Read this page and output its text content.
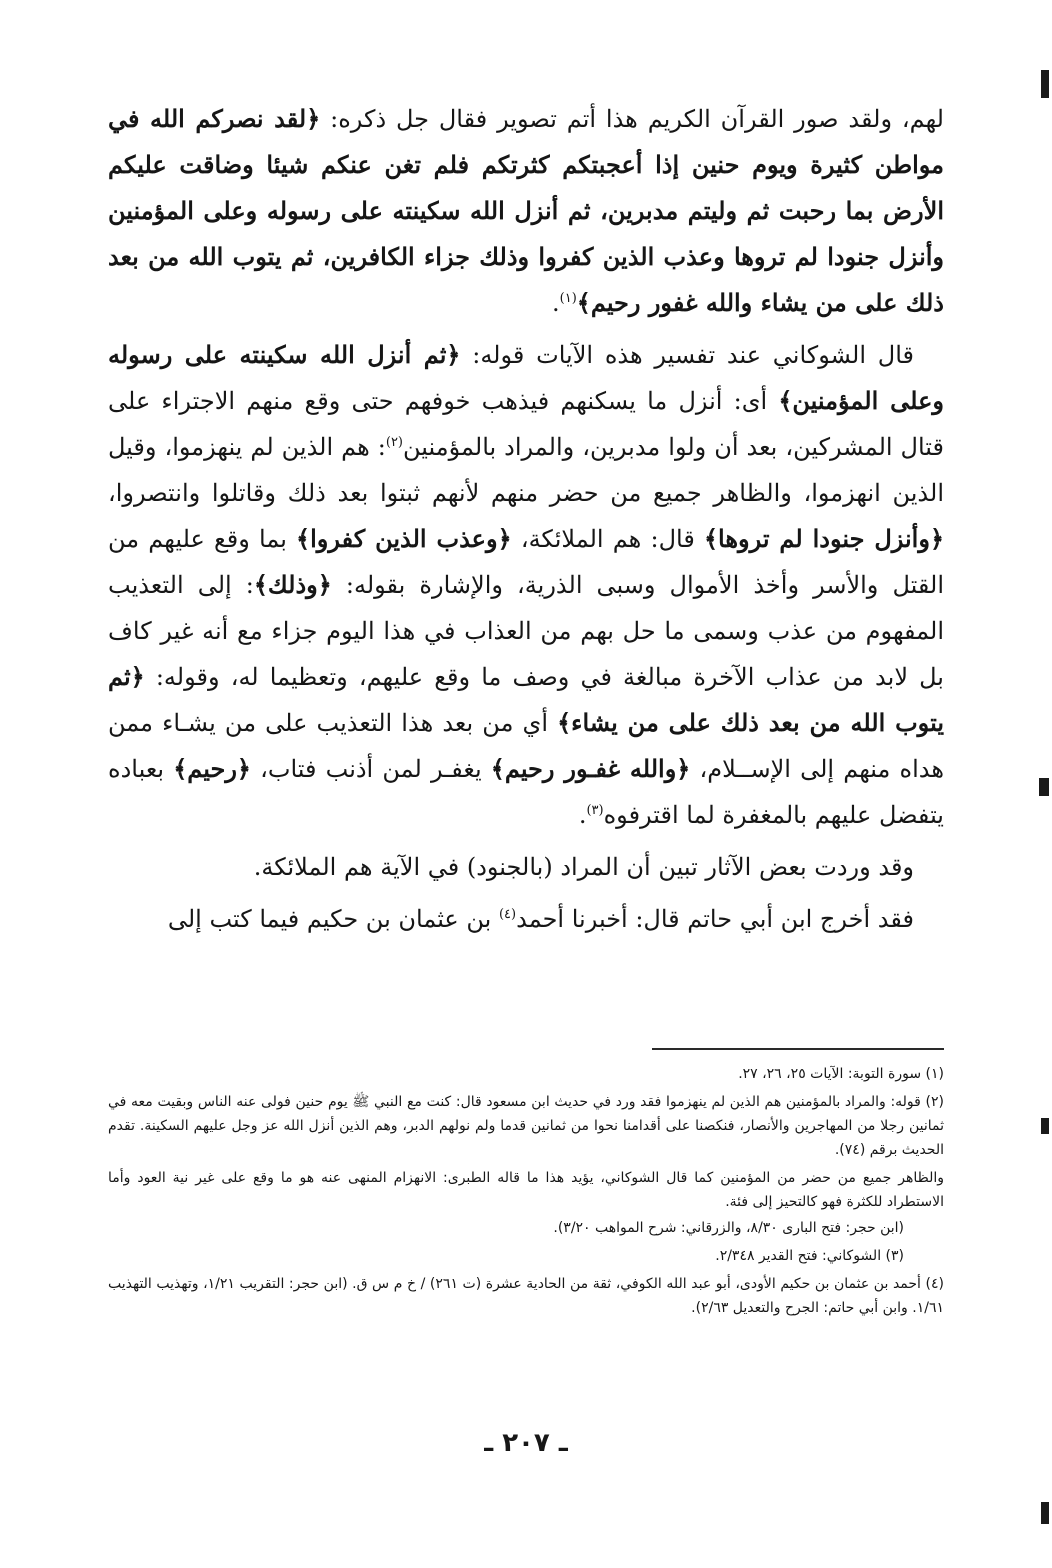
لهم، ولقد صور القرآن الكريم هذا أتم تصوير فقال جل ذكره: ﴿لقد نصركم الله في مواطن كثيرة ويوم حنين إذا أعجبتكم كثرتكم فلم تغن عنكم شيئا وضاقت عليكم الأرض بما رحبت ثم وليتم مدبرين، ثم أنزل الله سكينته على رسوله وعلى المؤمنين وأنزل جنودا لم تروها وعذب الذين كفروا وذلك جزاء الكافرين، ثم يتوب الله من بعد ذلك على من يشاء والله غفور رحيم﴾$^{(١)}$.

قال الشوكاني عند تفسير هذه الآيات قوله: ﴿ثم أنزل الله سكينته على رسوله وعلى المؤمنين﴾ أى: أنزل ما يسكنهم فيذهب خوفهم حتى وقع منهم الاجتراء على قتال المشركين، بعد أن ولوا مدبرين، والمراد بالمؤمنين$^{(٢)}$: هم الذين لم ينهزموا، وقيل الذين انهزموا، والظاهر جميع من حضر منهم لأنهم ثبتوا بعد ذلك وقاتلوا وانتصروا، ﴿وأنزل جنودا لم تروها﴾ قال: هم الملائكة، ﴿وعذب الذين كفروا﴾ بما وقع عليهم من القتل والأسر وأخذ الأموال وسبى الذرية، والإشارة بقوله: ﴿وذلك﴾: إلى التعذيب المفهوم من عذب وسمى ما حل بهم من العذاب في هذا اليوم جزاء مع أنه غير كاف بل لابد من عذاب الآخرة مبالغة في وصف ما وقع عليهم، وتعظيما له، وقوله: ﴿ثم يتوب الله من بعد ذلك على من يشاء﴾ أي من بعد هذا التعذيب على من يشـاء ممن هداه منهم إلى الإســلام، ﴿والله غفـور رحيم﴾ يغفـر لمن أذنب فتاب، ﴿رحيم﴾ بعباده يتفضل عليهم بالمغفرة لما اقترفوه$^{(٣)}$.

وقد وردت بعض الآثار تبين أن المراد (بالجنود) في الآية هم الملائكة.

فقد أخرج ابن أبي حاتم قال: أخبرنا أحمد$^{(٤)}$ بن عثمان بن حكيم فيما كتب إلى

(١) سورة التوبة: الآيات ٢٥، ٢٦، ٢٧.

(٢) قوله: والمراد بالمؤمنين هم الذين لم ينهزموا فقد ورد في حديث ابن مسعود قال: كنت مع النبي ﷺ يوم حنين فولى عنه الناس وبقيت معه في ثمانين رجلا من المهاجرين والأنصار، فنكصنا على أقدامنا نحوا من ثمانين قدما ولم نولهم الدبر، وهم الذين أنزل الله عز وجل عليهم السكينة. تقدم الحديث برقم (٧٤).

والظاهر جميع من حضر من المؤمنين كما قال الشوكاني، يؤيد هذا ما قاله الطبرى: الانهزام المنهى عنه هو ما وقع على غير نية العود وأما الاستطراد للكثرة فهو كالتحيز إلى فئة.

(ابن حجر: فتح البارى ٨/٣٠، والزرقاني: شرح المواهب ٣/٢٠).

(٣) الشوكاني: فتح القدير ٢/٣٤٨.

(٤) أحمد بن عثمان بن حكيم الأودى، أبو عبد الله الكوفي، ثقة من الحادية عشرة (ت ٢٦١) / خ م س ق. (ابن حجر: التقريب ١/٢١، وتهذيب التهذيب ١/٦١. وابن أبي حاتم: الجرح والتعديل ٢/٦٣).

ـ ٢٠٧ ـ
